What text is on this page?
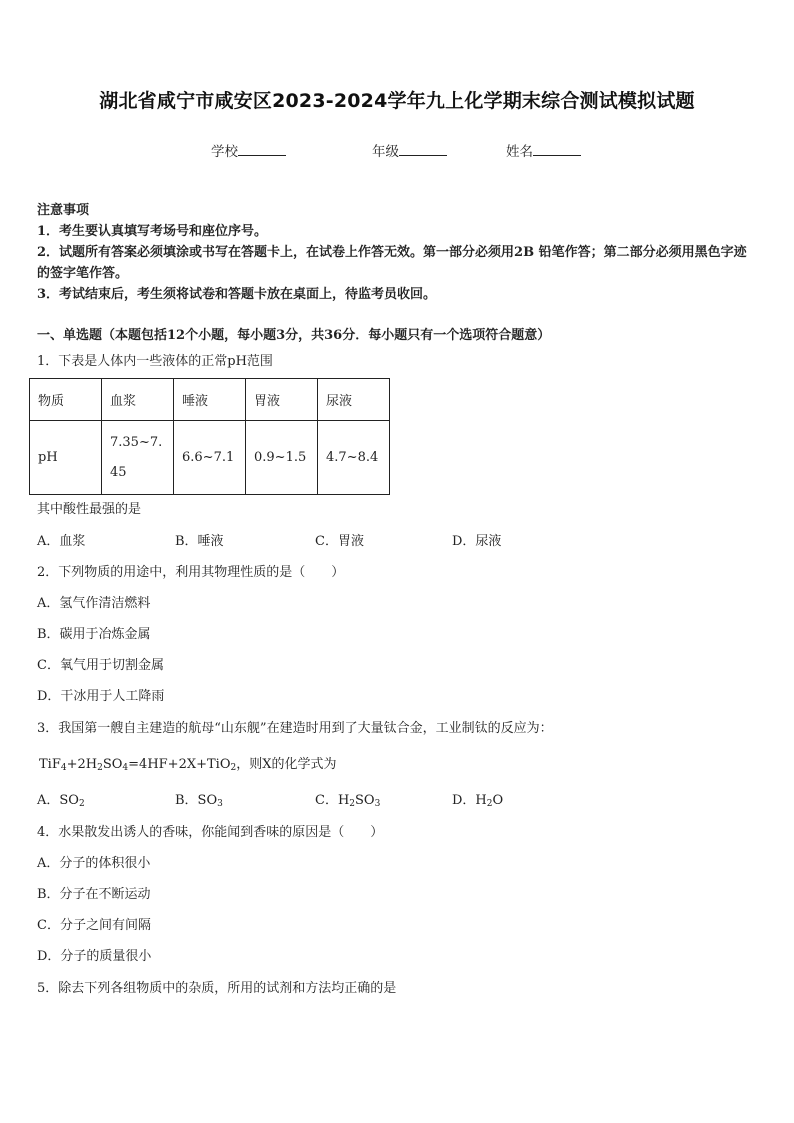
湖北省咸宁市咸安区2023-2024学年九上化学期末综合测试模拟试题
学校	年级	姓名

注意事项

1．考生要认真填写考场号和座位序号。

2．试题所有答案必须填涂或书写在答题卡上，在试卷上作答无效。第一部分必须用2B 铅笔作答；第二部分必须用黑色字迹的签字笔作答。

3．考试结束后，考生须将试卷和答题卡放在桌面上，待监考员收回。

一、单选题（本题包括12个小题，每小题3分，共36分．每小题只有一个选项符合题意）
1．下表是人体内一些液体的正常pH范围
物质	血浆	唾液	胃液	尿液
pH	7.35~7.45	6.6~7.1	0.9~1.5	4.7~8.4
其中酸性最强的是
A．血浆	B．唾液	C．胃液	D．尿液
2．下列物质的用途中，利用其物理性质的是（　　）
A．氢气作清洁燃料
B．碳用于冶炼金属
C．氧气用于切割金属
D．干冰用于人工降雨
3．我国第一艘自主建造的航母“山东舰”在建造时用到了大量钛合金，工业制钛的反应为：
$TiF_4+2H_2SO_4=4HF+2X+TiO_2$，则X的化学式为
A．$SO_2$	B．$SO_3$	C．$H_2SO_3$	D．$H_2O$
4．水果散发出诱人的香味，你能闻到香味的原因是（　　）
A．分子的体积很小
B．分子在不断运动
C．分子之间有间隔
D．分子的质量很小
5．除去下列各组物质中的杂质，所用的试剂和方法均正确的是
